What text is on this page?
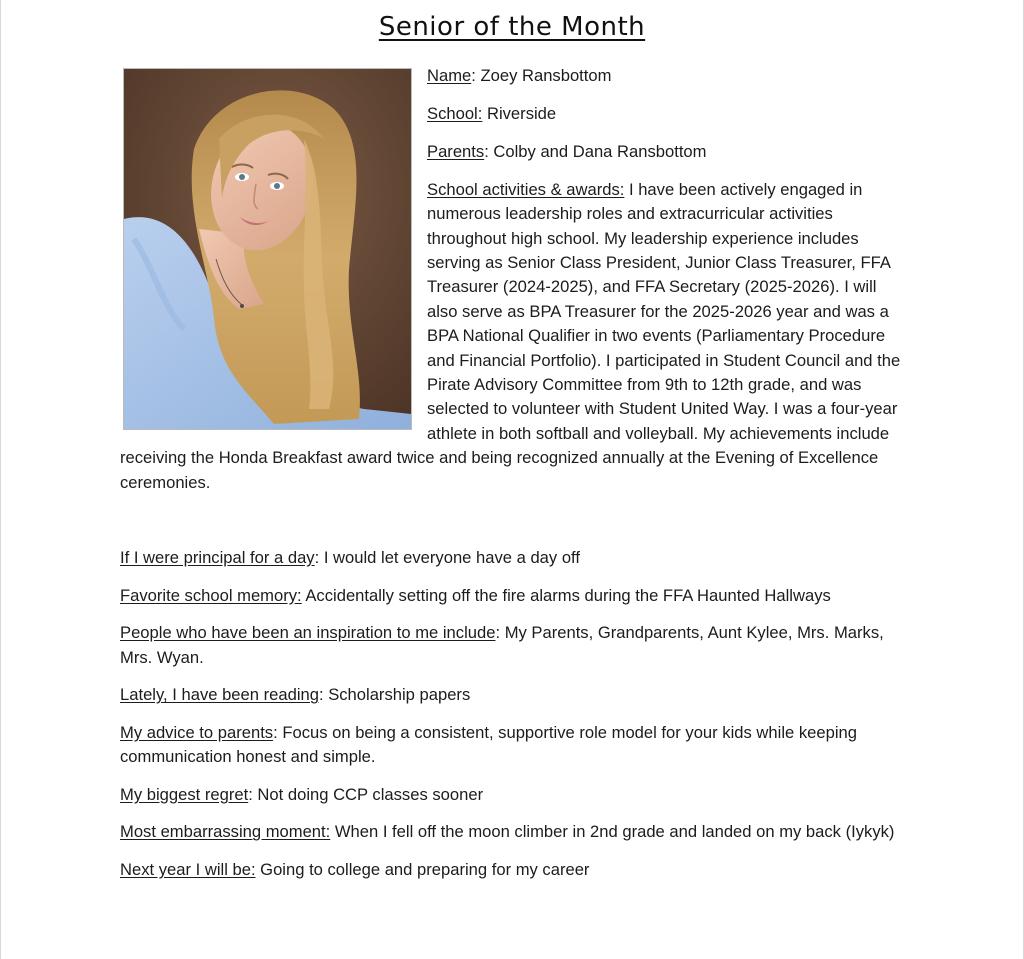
Senior of the Month

Name: Zoey Ransbottom

School: Riverside

Parents: Colby and Dana Ransbottom

School activities & awards: I have been actively engaged in numerous leadership roles and extracurricular activities throughout high school. My leadership experience includes serving as Senior Class President, Junior Class Treasurer, FFA Treasurer (2024-2025), and FFA Secretary (2025-2026). I will also serve as BPA Treasurer for the 2025-2026 year and was a BPA National Qualifier in two events (Parliamentary Procedure and Financial Portfolio). I participated in Student Council and the Pirate Advisory Committee from 9th to 12th grade, and was selected to volunteer with Student United Way. I was a four-year athlete in both softball and volleyball. My achievements include receiving the Honda Breakfast award twice and being recognized annually at the Evening of Excellence ceremonies.

If I were principal for a day: I would let everyone have a day off

Favorite school memory: Accidentally setting off the fire alarms during the FFA Haunted Hallways

People who have been an inspiration to me include: My Parents, Grandparents, Aunt Kylee, Mrs. Marks, Mrs. Wyan.

Lately, I have been reading: Scholarship papers

My advice to parents: Focus on being a consistent, supportive role model for your kids while keeping communication honest and simple.

My biggest regret: Not doing CCP classes sooner

Most embarrassing moment: When I fell off the moon climber in 2nd grade and landed on my back (Iykyk)

Next year I will be: Going to college and preparing for my career
